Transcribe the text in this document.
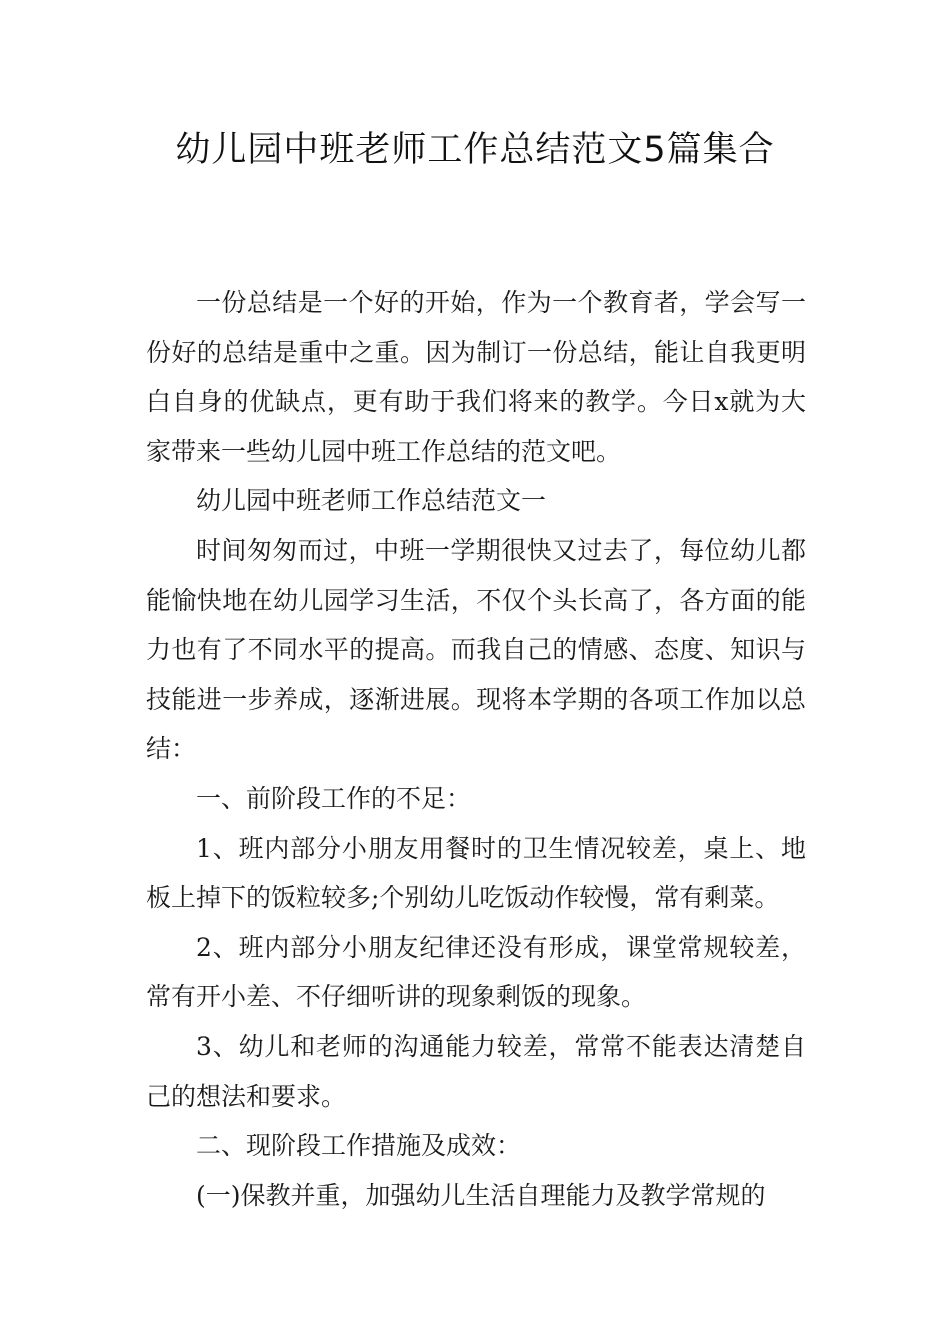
幼儿园中班老师工作总结范文5篇集合

一份总结是一个好的开始，作为一个教育者，学会写一份好的总结是重中之重。因为制订一份总结，能让自我更明白自身的优缺点，更有助于我们将来的教学。今日x就为大家带来一些幼儿园中班工作总结的范文吧。

幼儿园中班老师工作总结范文一

时间匆匆而过，中班一学期很快又过去了，每位幼儿都能愉快地在幼儿园学习生活，不仅个头长高了，各方面的能力也有了不同水平的提高。而我自己的情感、态度、知识与技能进一步养成，逐渐进展。现将本学期的各项工作加以总结：

一、前阶段工作的不足：

1、班内部分小朋友用餐时的卫生情况较差，桌上、地板上掉下的饭粒较多;个别幼儿吃饭动作较慢，常有剩菜。

2、班内部分小朋友纪律还没有形成，课堂常规较差，常有开小差、不仔细听讲的现象剩饭的现象。

3、幼儿和老师的沟通能力较差，常常不能表达清楚自己的想法和要求。

二、现阶段工作措施及成效：

(一)保教并重，加强幼儿生活自理能力及教学常规的
